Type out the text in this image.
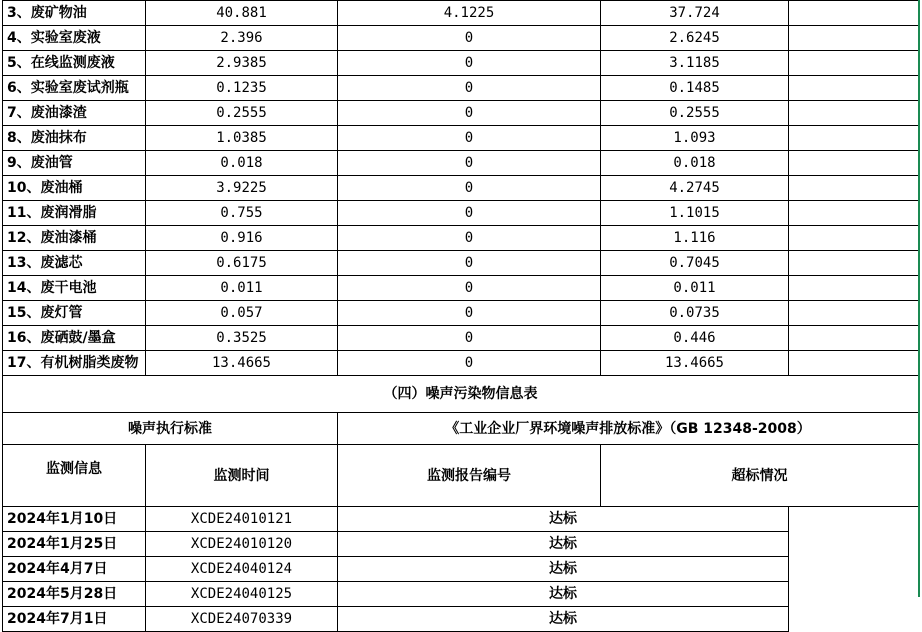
3、废矿物油	40.881	4.1225	37.724	
4、实验室废液	2.396	0	2.6245	
5、在线监测废液	2.9385	0	3.1185	
6、实验室废试剂瓶	0.1235	0	0.1485	
7、废油漆渣	0.2555	0	0.2555	
8、废油抹布	1.0385	0	1.093	
9、废油管	0.018	0	0.018	
10、废油桶	3.9225	0	4.2745	
11、废润滑脂	0.755	0	1.1015	
12、废油漆桶	0.916	0	1.116	
13、废滤芯	0.6175	0	0.7045	
14、废干电池	0.011	0	0.011	
15、废灯管	0.057	0	0.0735	
16、废硒鼓/墨盒	0.3525	0	0.446	
17、有机树脂类废物	13.4665	0	13.4665	
（四）噪声污染物信息表				
噪声执行标准		《工业企业厂界环境噪声排放标准》（GB 12348-2008）		
监测信息	监测时间	监测报告编号	超标情况	
2024年1月10日	XCDE24010121	达标		
2024年1月25日	XCDE24010120	达标		
2024年4月7日	XCDE24040124	达标		
2024年5月28日	XCDE24040125	达标		
2024年7月1日	XCDE24070339	达标		
